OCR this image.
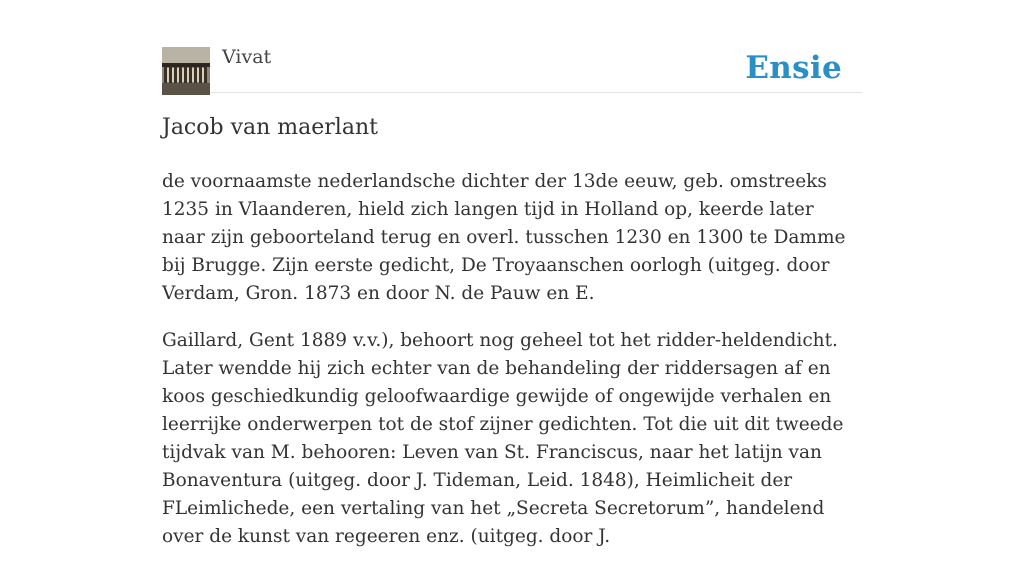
Vivat	Ensie
Jacob van maerlant

de voornaamste nederlandsche dichter der 13de eeuw, geb. omstreeks 1235 in Vlaanderen, hield zich langen tijd in Holland op, keerde later naar zijn geboorteland terug en overl. tusschen 1230 en 1300 te Damme bij Brugge. Zijn eerste gedicht, De Troyaanschen oorlogh (uitgeg. door Verdam, Gron. 1873 en door N. de Pauw en E.

Gaillard, Gent 1889 v.v.), behoort nog geheel tot het ridder-heldendicht. Later wendde hij zich echter van de behandeling der riddersagen af en koos geschiedkundig geloofwaardige gewijde of ongewijde verhalen en leerrijke onderwerpen tot de stof zijner gedichten. Tot die uit dit tweede tijdvak van M. behooren: Leven van St. Franciscus, naar het latijn van Bonaventura (uitgeg. door J. Tideman, Leid. 1848), Heimlicheit der FLeimlichede, een vertaling van het „Secreta Secretorum”, handelend over de kunst van regeeren enz. (uitgeg. door J.
